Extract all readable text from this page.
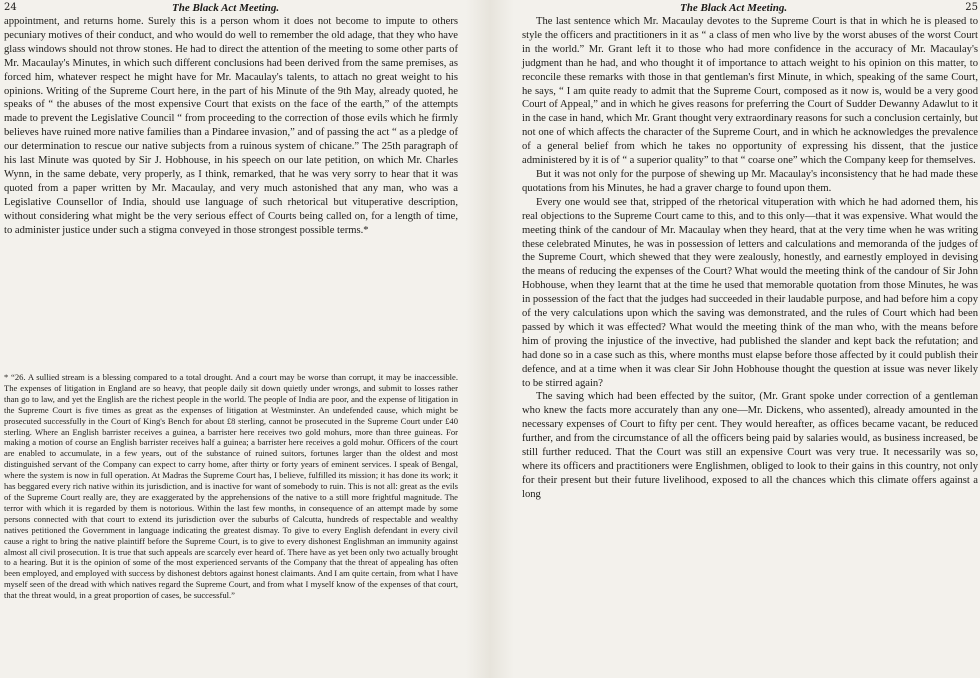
24	The Black Act Meeting.

appointment, and returns home. Surely this is a person whom it does not become to impute to others pecuniary motives of their conduct, and who would do well to remember the old adage, that they who have glass windows should not throw stones. He had to direct the attention of the meeting to some other parts of Mr. Macaulay's Minutes, in which such different conclusions had been derived from the same premises, as forced him, whatever respect he might have for Mr. Macaulay's talents, to attach no great weight to his opinions. Writing of the Supreme Court here, in the part of his Minute of the 9th May, already quoted, he speaks of “ the abuses of the most expensive Court that exists on the face of the earth,” of the attempts made to prevent the Legislative Council “ from proceeding to the correction of those evils which he firmly believes have ruined more native families than a Pindaree invasion,” and of passing the act “ as a pledge of our determination to rescue our native subjects from a ruinous system of chicane.” The 25th paragraph of his last Minute was quoted by Sir J. Hobhouse, in his speech on our late petition, on which Mr. Charles Wynn, in the same debate, very properly, as I think, remarked, that he was very sorry to hear that it was quoted from a paper written by Mr. Macaulay, and very much astonished that any man, who was a Legislative Counsellor of India, should use language of such rhetorical but vituperative description, without considering what might be the very serious effect of Courts being called on, for a length of time, to administer justice under such a stigma conveyed in those strongest possible terms.*

* “26. A sullied stream is a blessing compared to a total drought. And a court may be worse than corrupt, it may be inaccessible. The expenses of litigation in England are so heavy, that people daily sit down quietly under wrongs, and submit to losses rather than go to law, and yet the English are the richest people in the world. The people of India are poor, and the expense of litigation in the Supreme Court is five times as great as the expenses of litigation at Westminster. An undefended cause, which might be prosecuted successfully in the Court of King's Bench for about £8 sterling, cannot be prosecuted in the Supreme Court under £40 sterling. Where an English barrister receives a guinea, a barrister here receives two gold mohurs, more than three guineas. For making a motion of course an English barrister receives half a guinea; a barrister here receives a gold mohur. Officers of the court are enabled to accumulate, in a few years, out of the substance of ruined suitors, fortunes larger than the oldest and most distinguished servant of the Company can expect to carry home, after thirty or forty years of eminent services. I speak of Bengal, where the system is now in full operation. At Madras the Supreme Court has, I believe, fulfilled its mission; it has done its work; it has beggared every rich native within its jurisdiction, and is inactive for want of somebody to ruin. This is not all: great as the evils of the Supreme Court really are, they are exaggerated by the apprehensions of the native to a still more frightful magnitude. The terror with which it is regarded by them is notorious. Within the last few months, in consequence of an attempt made by some persons connected with that court to extend its jurisdiction over the suburbs of Calcutta, hundreds of respectable and wealthy natives petitioned the Government in language indicating the greatest dismay. To give to every English defendant in every civil cause a right to bring the native plaintiff before the Supreme Court, is to give to every dishonest Englishman an immunity against almost all civil prosecution. It is true that such appeals are scarcely ever heard of. There have as yet been only two actually brought to a hearing. But it is the opinion of some of the most experienced servants of the Company that the threat of appealing has often been employed, and employed with success by dishonest debtors against honest claimants. And I am quite certain, from what I have myself seen of the dread with which natives regard the Supreme Court, and from what I myself know of the expenses of that court, that the threat would, in a great proportion of cases, be successful.”

The Black Act Meeting.	25

The last sentence which Mr. Macaulay devotes to the Supreme Court is that in which he is pleased to style the officers and practitioners in it as “ a class of men who live by the worst abuses of the worst Court in the world.” Mr. Grant left it to those who had more confidence in the accuracy of Mr. Macaulay's judgment than he had, and who thought it of importance to attach weight to his opinion on this matter, to reconcile these remarks with those in that gentleman's first Minute, in which, speaking of the same Court, he says, “ I am quite ready to admit that the Supreme Court, composed as it now is, would be a very good Court of Appeal,” and in which he gives reasons for preferring the Court of Sudder Dewanny Adawlut to it in the case in hand, which Mr. Grant thought very extraordinary reasons for such a conclusion certainly, but not one of which affects the character of the Supreme Court, and in which he acknowledges the prevalence of a general belief from which he takes no opportunity of expressing his dissent, that the justice administered by it is of “ a superior quality” to that “ coarse one” which the Company keep for themselves.

But it was not only for the purpose of shewing up Mr. Macaulay's inconsistency that he had made these quotations from his Minutes, he had a graver charge to found upon them.

Every one would see that, stripped of the rhetorical vituperation with which he had adorned them, his real objections to the Supreme Court came to this, and to this only—that it was expensive. What would the meeting think of the candour of Mr. Macaulay when they heard, that at the very time when he was writing these celebrated Minutes, he was in possession of letters and calculations and memoranda of the judges of the Supreme Court, which shewed that they were zealously, honestly, and earnestly employed in devising the means of reducing the expenses of the Court? What would the meeting think of the candour of Sir John Hobhouse, when they learnt that at the time he used that memorable quotation from those Minutes, he was in possession of the fact that the judges had succeeded in their laudable purpose, and had before him a copy of the very calculations upon which the saving was demonstrated, and the rules of Court which had been passed by which it was effected? What would the meeting think of the man who, with the means before him of proving the injustice of the invective, had published the slander and kept back the refutation; and had done so in a case such as this, where months must elapse before those affected by it could publish their defence, and at a time when it was clear Sir John Hobhouse thought the question at issue was never likely to be stirred again?

The saving which had been effected by the suitor, (Mr. Grant spoke under correction of a gentleman who knew the facts more accurately than any one—Mr. Dickens, who assented), already amounted in the necessary expenses of Court to fifty per cent. They would hereafter, as offices became vacant, be reduced further, and from the circumstance of all the officers being paid by salaries would, as business increased, be still further reduced. That the Court was still an expensive Court was very true. It necessarily was so, where its officers and practitioners were Englishmen, obliged to look to their gains in this country, not only for their present but their future livelihood, exposed to all the chances which this climate offers against a long
